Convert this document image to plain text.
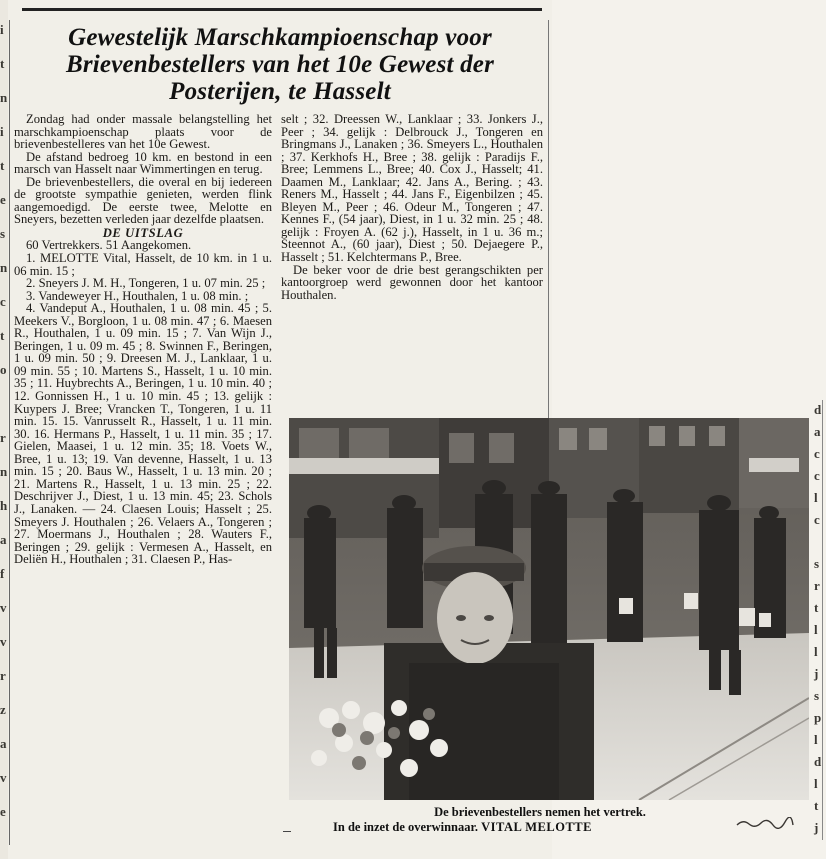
i
t
n
i
t
e
s
n
c
t
o
r
n
h
a
f
v
v
r
z
a
v
e
d
a
c
c
l
c
s
r
t
l
l
j
s
p
l
d
l
t
j
Gewestelijk Marschkampioenschap voor
Brievenbestellers van het 10e Gewest der
Posterijen, te Hasselt

Zondag had onder massale belangstelling het marschkampioenschap plaats voor de brievenbestelleres van het 10e Gewest.

De afstand bedroeg 10 km. en bestond in een marsch van Hasselt naar Wimmertingen en terug.

De brievenbestellers, die overal en bij iedereen de grootste sympathie genieten, werden flink aangemoedigd. De eerste twee, Melotte en Sneyers, bezetten verleden jaar dezelfde plaatsen.

DE UITSLAG

60 Vertrekkers. 51 Aangekomen.

1. MELOTTE Vital, Hasselt, de 10 km. in 1 u. 06 min. 15 ;

2. Sneyers J. M. H., Tongeren, 1 u. 07 min. 25 ;

3. Vandeweyer H., Houthalen, 1 u. 08 min. ;

4. Vandeput A., Houthalen, 1 u. 08 min. 45 ; 5. Meekers V., Borgloon, 1 u. 08 min. 47 ; 6. Maesen R., Houthalen, 1 u. 09 min. 15 ; 7. Van Wijn J., Beringen, 1 u. 09 m. 45 ; 8. Swinnen F., Beringen, 1 u. 09 min. 50 ; 9. Dreesen M. J., Lanklaar, 1 u. 09 min. 55 ; 10. Martens S., Hasselt, 1 u. 10 min. 35 ; 11. Huybrechts A., Beringen, 1 u. 10 min. 40 ; 12. Gonnissen H., 1 u. 10 min. 45 ; 13. gelijk : Kuypers J. Bree; Vrancken T., Tongeren, 1 u. 11 min. 15. 15. Vanrusselt R., Hasselt, 1 u. 11 min. 30. 16. Hermans P., Hasselt, 1 u. 11 min. 35 ; 17. Gielen, Maasei, 1 u. 12 min. 35; 18. Voets W., Bree, 1 u. 13; 19. Van devenne, Hasselt, 1 u. 13 min. 15 ; 20. Baus W., Hasselt, 1 u. 13 min. 20 ; 21. Martens R., Hasselt, 1 u. 13 min. 25 ; 22. Deschrijver J., Diest, 1 u. 13 min. 45; 23. Schols J., Lanaken. — 24. Claesen Louis; Hasselt ; 25. Smeyers J. Houthalen ; 26. Velaers A., Tongeren ; 27. Moermans J., Houthalen ; 28. Wauters F., Beringen ; 29. gelijk : Vermesen A., Hasselt, en Deliën H., Houthalen ; 31. Claesen P., Has-

selt ; 32. Dreessen W., Lanklaar ; 33. Jonkers J., Peer ; 34. gelijk : Delbrouck J., Tongeren en Bringmans J., Lanaken ; 36. Smeyers L., Houthalen ; 37. Kerkhofs H., Bree ; 38. gelijk : Paradijs F., Bree; Lemmens L., Bree; 40. Cox J., Hasselt; 41. Daamen M., Lanklaar; 42. Jans A., Bering. ; 43. Reners M., Hasselt ; 44. Jans F., Eigenbilzen ; 45. Bleyen M., Peer ; 46. Odeur M., Tongeren ; 47. Kennes F., (54 jaar), Diest, in 1 u. 32 min. 25 ; 48. gelijk : Froyen A. (62 j.), Hasselt, in 1 u. 36 m.; Steennot A., (60 jaar), Diest ; 50. Dejaegere P., Hasselt ; 51. Kelchtermans P., Bree.

De beker voor de drie best gerangschikten per kantoorgroep werd gewonnen door het kantoor Houthalen.

De brievenbestellers nemen het vertrek.
In de inzet de overwinnaar. VITAL MELOTTE
